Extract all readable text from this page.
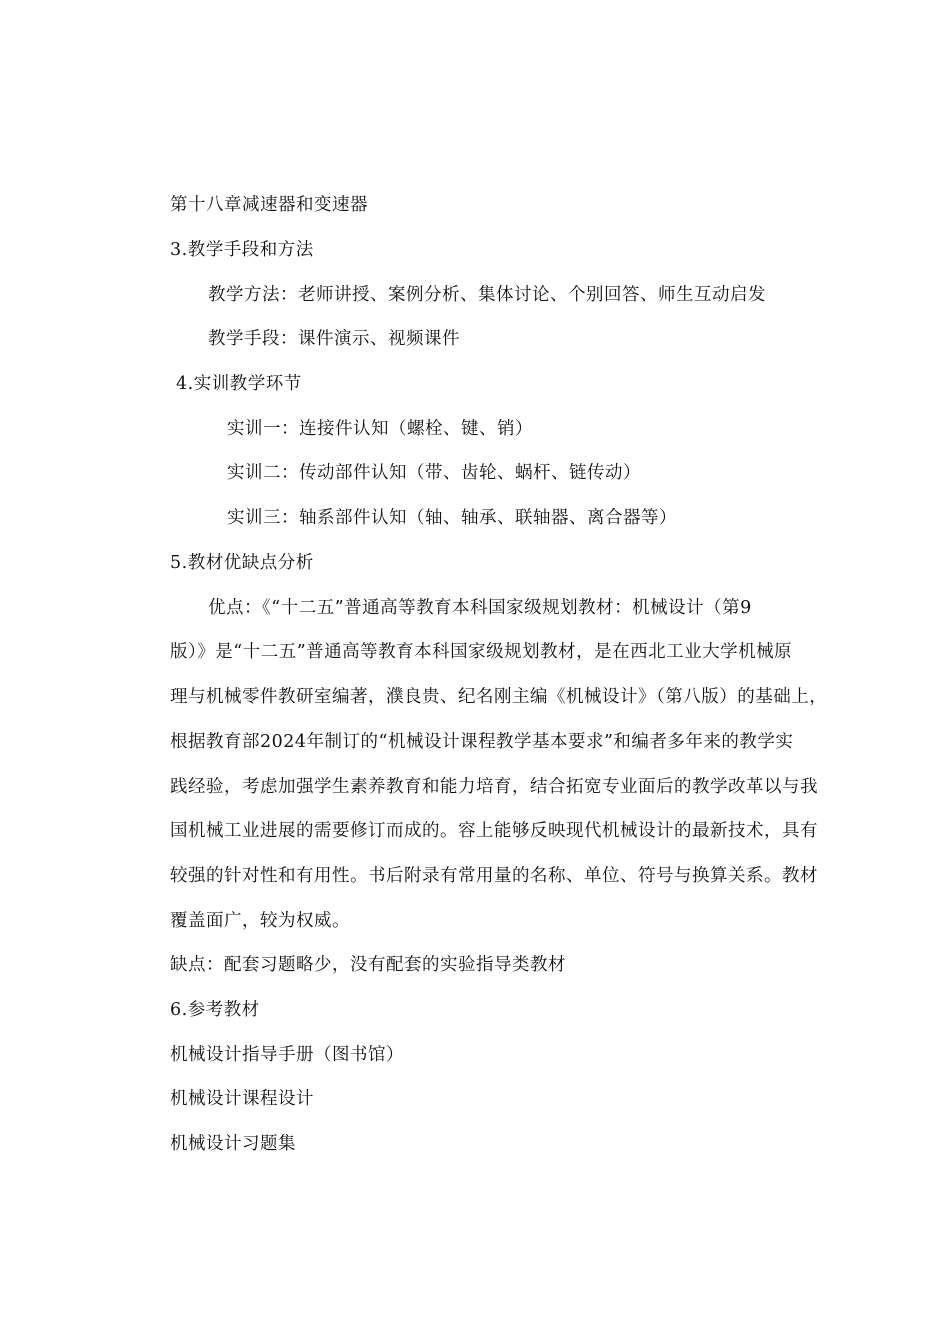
第十八章减速器和变速器
3.教学手段和方法
教学方法：老师讲授、案例分析、集体讨论、个别回答、师生互动启发
教学手段：课件演示、视频课件
4.实训教学环节
实训一：连接件认知（螺栓、键、销）
实训二：传动部件认知（带、齿轮、蜗杆、链传动）
实训三：轴系部件认知（轴、轴承、联轴器、离合器等）
5.教材优缺点分析
优点：《“十二五”普通高等教育本科国家级规划教材：机械设计（第9
版）》是“十二五”普通高等教育本科国家级规划教材，是在西北工业大学机械原
理与机械零件教研室编著，濮良贵、纪名刚主编《机械设计》（第八版）的基础上，
根据教育部2024年制订的“机械设计课程教学基本要求”和编者多年来的教学实
践经验，考虑加强学生素养教育和能力培育，结合拓宽专业面后的教学改革以与我
国机械工业进展的需要修订而成的。容上能够反映现代机械设计的最新技术，具有
较强的针对性和有用性。书后附录有常用量的名称、单位、符号与换算关系。教材
覆盖面广，较为权威。
缺点：配套习题略少，没有配套的实验指导类教材
6.参考教材
机械设计指导手册（图书馆）
机械设计课程设计
机械设计习题集
